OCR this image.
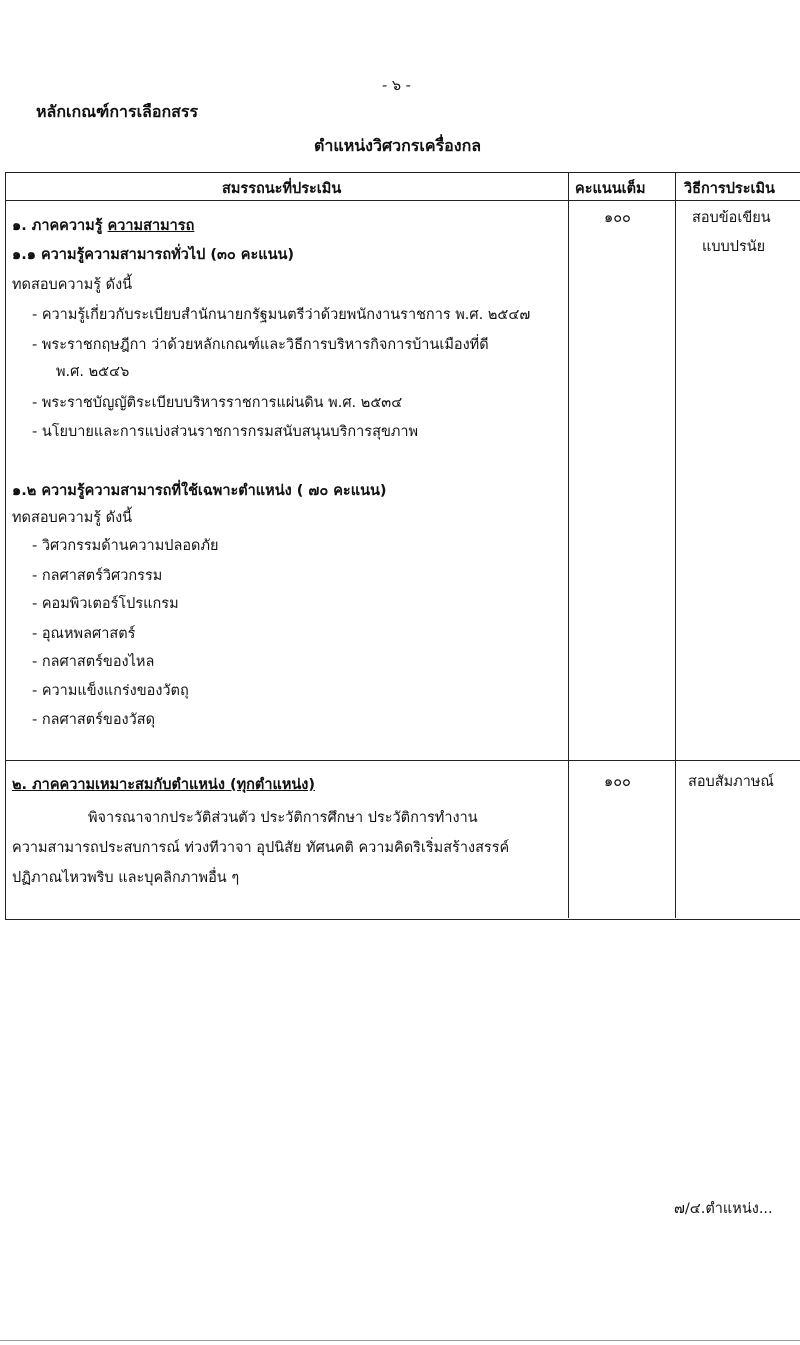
- ๖ -
หลักเกณฑ์การเลือกสรร
ตำแหน่งวิศวกรเครื่องกล
สมรรถนะที่ประเมิน	คะแนนเต็ม	วิธีการประเมิน
๑. ภาคความรู้ ความสามารถ
๑.๑ ความรู้ความสามารถทั่วไป (๓๐ คะแนน)
ทดสอบความรู้ ดังนี้
- ความรู้เกี่ยวกับระเบียบสำนักนายกรัฐมนตรีว่าด้วยพนักงานราชการ พ.ศ. ๒๕๔๗
- พระราชกฤษฎีกา ว่าด้วยหลักเกณฑ์และวิธีการบริหารกิจการบ้านเมืองที่ดี
พ.ศ. ๒๕๔๖
- พระราชบัญญัติระเบียบบริหารราชการแผ่นดิน พ.ศ. ๒๕๓๔
- นโยบายและการแบ่งส่วนราชการกรมสนับสนุนบริการสุขภาพ
๑.๒ ความรู้ความสามารถที่ใช้เฉพาะตำแหน่ง ( ๗๐ คะแนน)
ทดสอบความรู้ ดังนี้
- วิศวกรรมด้านความปลอดภัย
- กลศาสตร์วิศวกรรม
- คอมพิวเตอร์โปรแกรม
- อุณหพลศาสตร์
- กลศาสตร์ของไหล
- ความแข็งแกร่งของวัตถุ
- กลศาสตร์ของวัสดุ
๑๐๐	สอบข้อเขียน
แบบปรนัย
๒. ภาคความเหมาะสมกับตำแหน่ง (ทุกตำแหน่ง)
พิจารณาจากประวัติส่วนตัว ประวัติการศึกษา ประวัติการทำงาน
ความสามารถประสบการณ์ ท่วงทีวาจา อุปนิสัย ทัศนคติ ความคิดริเริ่มสร้างสรรค์
ปฏิภาณไหวพริบ และบุคลิกภาพอื่น ๆ
๑๐๐	สอบสัมภาษณ์
๗/๔.ตำแหน่ง...
